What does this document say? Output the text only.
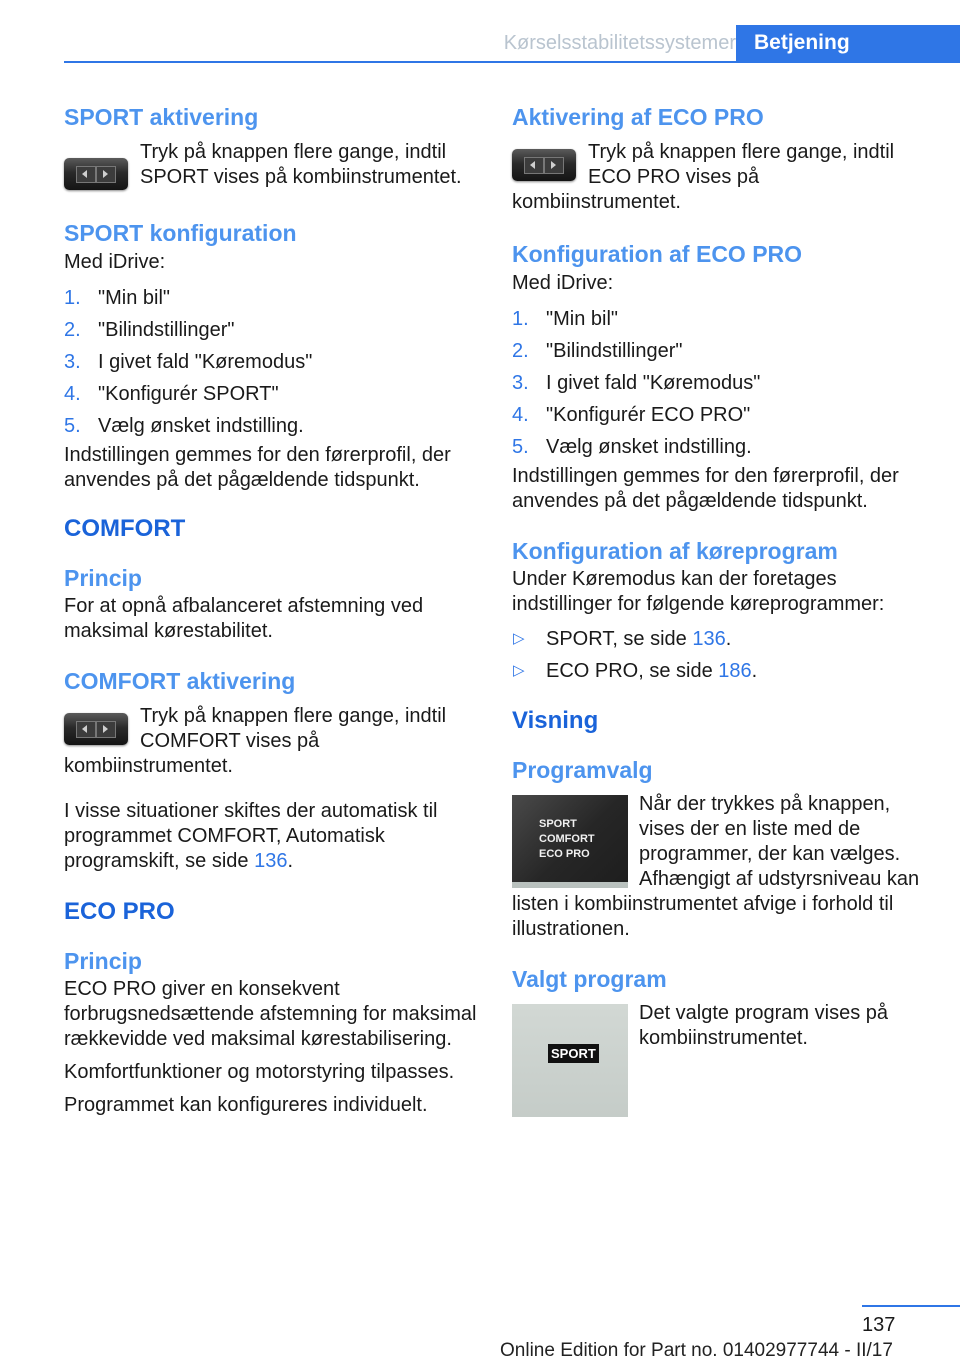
Kørselsstabilitetssystemer Betjening
SPORT aktivering

Tryk på knappen flere gange, indtil SPORT vises på kombiinstrumentet.

SPORT konfiguration

Med iDrive:

1. "Min bil"
2. "Bilindstillinger"
3. I givet fald "Køremodus"
4. "Konfigurér SPORT"
5. Vælg ønsket indstilling.

Indstillingen gemmes for den førerprofil, der anvendes på det pågældende tidspunkt.

COMFORT
Princip

For at opnå afbalanceret afstemning ved maksimal kørestabilitet.

COMFORT aktivering

Tryk på knappen flere gange, indtil COMFORT vises på kombiinstrumentet.

I visse situationer skiftes der automatisk til programmet COMFORT, Automatisk programskift, se side 136.

ECO PRO
Princip

ECO PRO giver en konsekvent forbrugsnedsættende afstemning for maksimal rækkevidde ved maksimal kørestabilisering.

Komfortfunktioner og motorstyring tilpasses.

Programmet kan konfigureres individuelt.

Aktivering af ECO PRO

Tryk på knappen flere gange, indtil ECO PRO vises på kombiinstrumentet.

Konfiguration af ECO PRO

Med iDrive:

1. "Min bil"
2. "Bilindstillinger"
3. I givet fald "Køremodus"
4. "Konfigurér ECO PRO"
5. Vælg ønsket indstilling.

Indstillingen gemmes for den førerprofil, der anvendes på det pågældende tidspunkt.

Konfiguration af køreprogram

Under Køremodus kan der foretages indstillinger for følgende køreprogrammer:

▷ SPORT, se side 136.
▷ ECO PRO, se side 186.
Visning
Programvalg
SPORT
COMFORT
ECO PRO

Når der trykkes på knappen, vises der en liste med de programmer, der kan vælges. Afhængigt af udstyrsniveau kan listen i kombiinstrumentet afvige i forhold til illustrationen.

Valgt program
SPORT

Det valgte program vises på kombiinstrumentet.

137
Online Edition for Part no. 01402977744 - II/17
